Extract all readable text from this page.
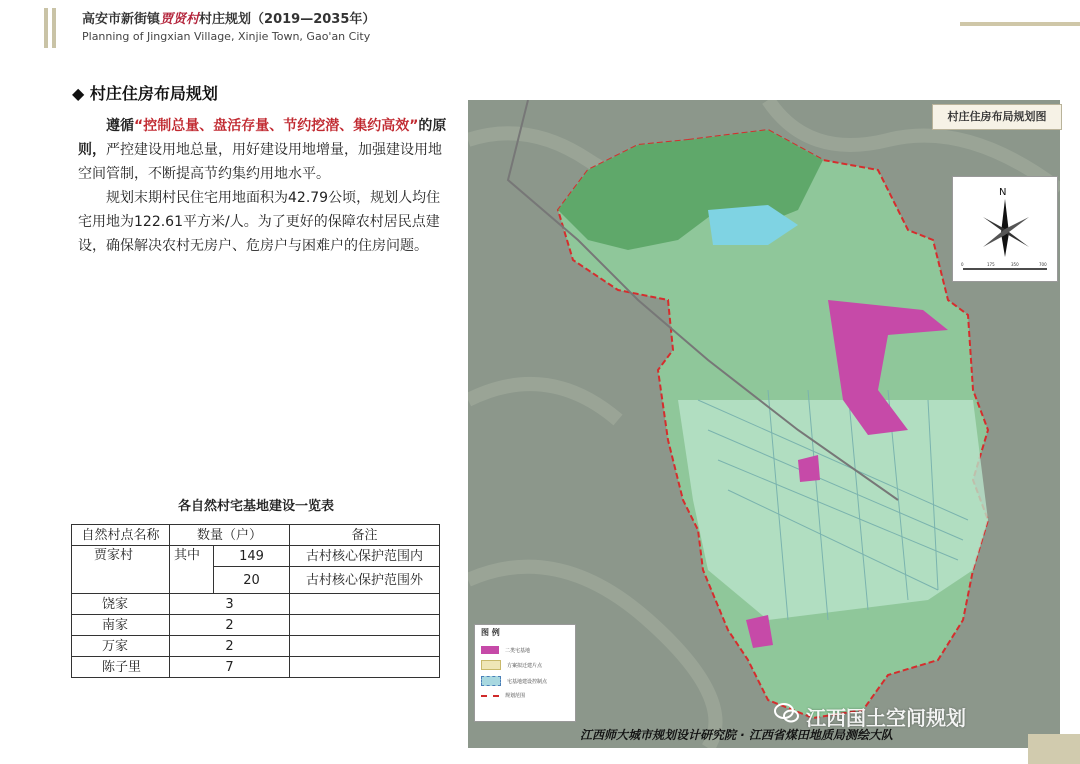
高安市新街镇贾贤村村庄规划（2019—2035年）
Planning of Jingxian Village, Xinjie Town, Gao'an City
◆ 村庄住房布局规划
遵循“控制总量、盘活存量、节约挖潜、集约高效”的原则，严控建设用地总量，用好建设用地增量，加强建设用地空间管制，不断提高节约集约用地水平。
规划末期村民住宅用地面积为42.79公顷，规划人均住宅用地为122.61平方米/人。为了更好的保障农村居民点建设，确保解决农村无房户、危房户与困难户的住房问题。
各自然村宅基地建设一览表
自然村点名称	数量（户）		备注
贾家村	其中	149	古村核心保护范围内
		20	古村核心保护范围外
饶家	3		
南家	2		
万家	2		
陈子里	7		
村庄住房布局规划图
N
0	175	350	700
图 例
二类宅基地
方案拟迁建片点
宅基地建设控制点
规划范围
江西国土空间规划
江西师大城市规划设计研究院 · 江西省煤田地质局测绘大队
